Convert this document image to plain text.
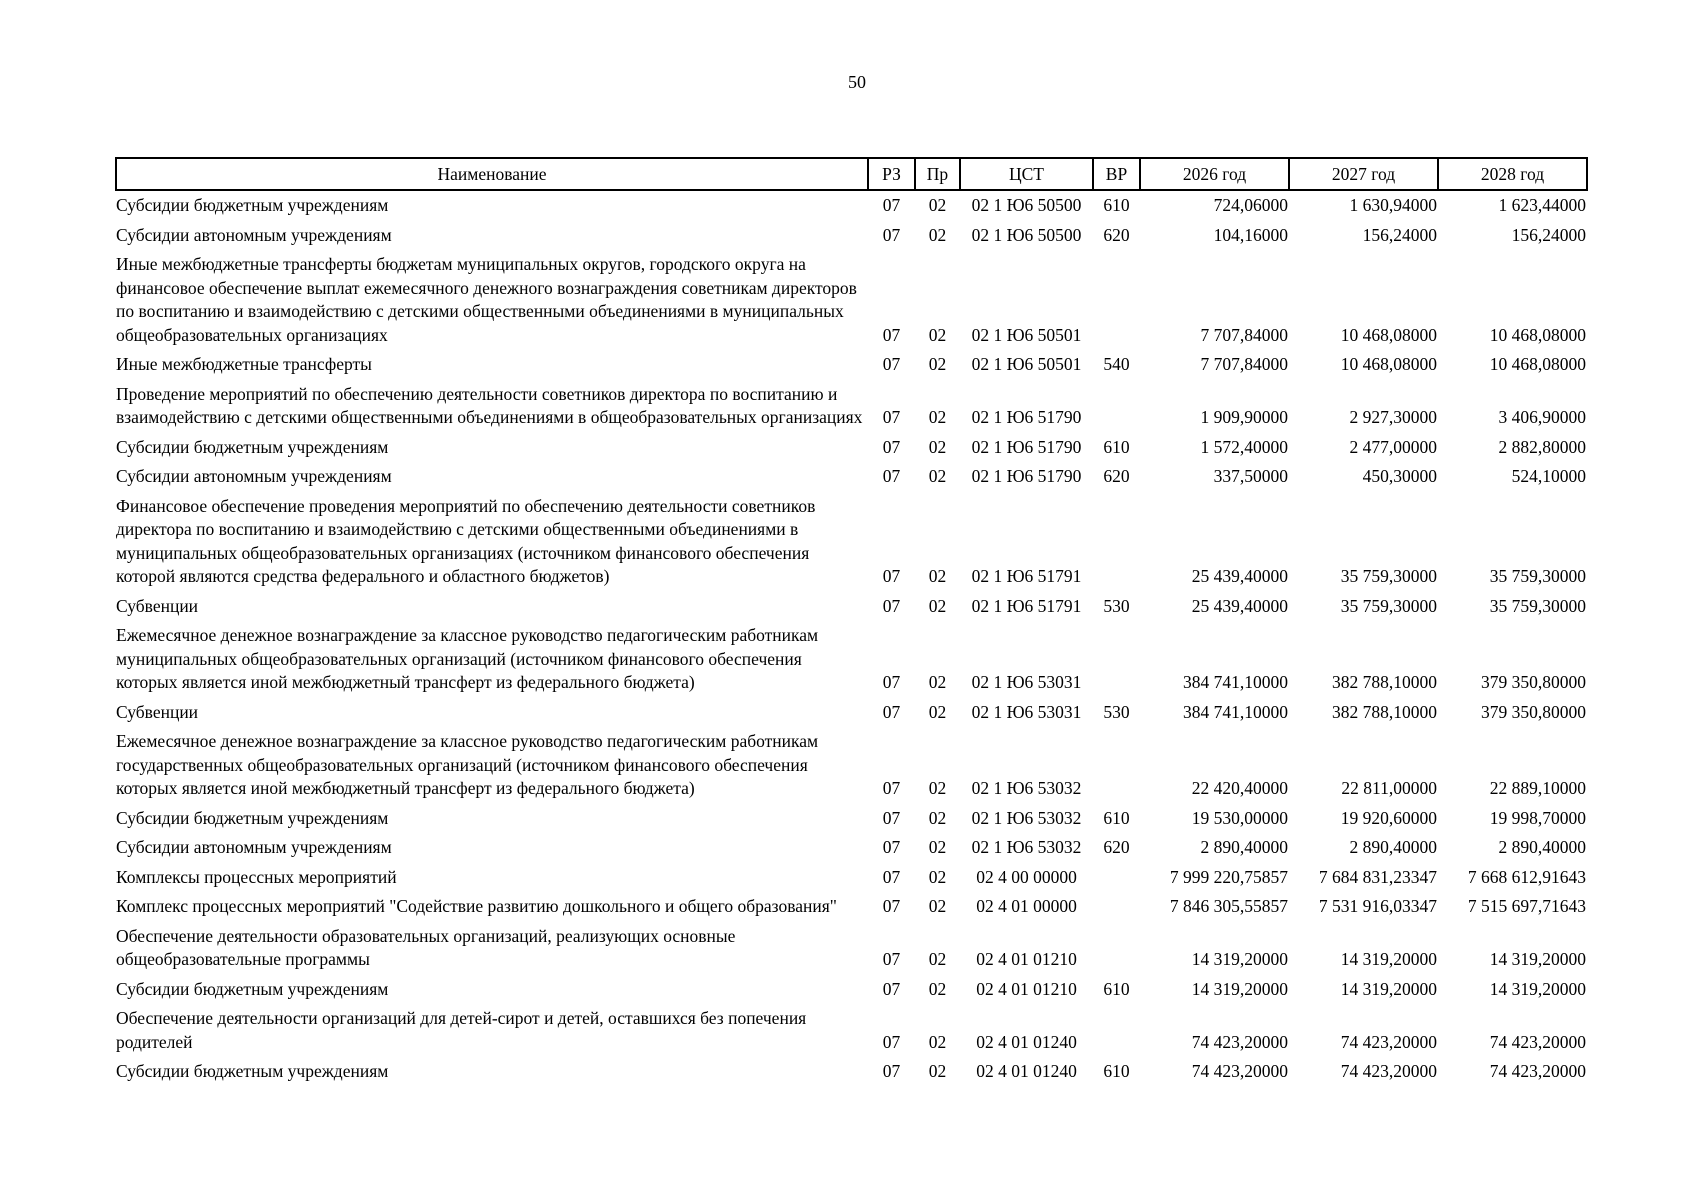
50
Наименование	РЗ	Пр	ЦСТ	ВР	2026 год	2027 год	2028 год
Субсидии бюджетным учреждениям	07	02	02 1 Ю6 50500	610	724,06000	1 630,94000	1 623,44000
Субсидии автономным учреждениям	07	02	02 1 Ю6 50500	620	104,16000	156,24000	156,24000
Иные межбюджетные трансферты бюджетам муниципальных округов, городского округа на финансовое обеспечение выплат ежемесячного денежного вознаграждения советникам директоров по воспитанию и взаимодействию с детскими общественными объединениями в муниципальных общеобразовательных организациях	07	02	02 1 Ю6 50501		7 707,84000	10 468,08000	10 468,08000
Иные межбюджетные трансферты	07	02	02 1 Ю6 50501	540	7 707,84000	10 468,08000	10 468,08000
Проведение мероприятий по обеспечению деятельности советников директора по воспитанию и взаимодействию с детскими общественными объединениями в общеобразовательных организациях	07	02	02 1 Ю6 51790		1 909,90000	2 927,30000	3 406,90000
Субсидии бюджетным учреждениям	07	02	02 1 Ю6 51790	610	1 572,40000	2 477,00000	2 882,80000
Субсидии автономным учреждениям	07	02	02 1 Ю6 51790	620	337,50000	450,30000	524,10000
Финансовое обеспечение проведения мероприятий по обеспечению деятельности советников директора по воспитанию и взаимодействию с детскими общественными объединениями в муниципальных общеобразовательных организациях (источником финансового обеспечения которой являются средства федерального и областного бюджетов)	07	02	02 1 Ю6 51791		25 439,40000	35 759,30000	35 759,30000
Субвенции	07	02	02 1 Ю6 51791	530	25 439,40000	35 759,30000	35 759,30000
Ежемесячное денежное вознаграждение за классное руководство педагогическим работникам муниципальных общеобразовательных организаций (источником финансового обеспечения которых является иной межбюджетный трансферт из федерального бюджета)	07	02	02 1 Ю6 53031		384 741,10000	382 788,10000	379 350,80000
Субвенции	07	02	02 1 Ю6 53031	530	384 741,10000	382 788,10000	379 350,80000
Ежемесячное денежное вознаграждение за классное руководство педагогическим работникам государственных общеобразовательных организаций (источником финансового обеспечения которых является иной межбюджетный трансферт из федерального бюджета)	07	02	02 1 Ю6 53032		22 420,40000	22 811,00000	22 889,10000
Субсидии бюджетным учреждениям	07	02	02 1 Ю6 53032	610	19 530,00000	19 920,60000	19 998,70000
Субсидии автономным учреждениям	07	02	02 1 Ю6 53032	620	2 890,40000	2 890,40000	2 890,40000
Комплексы процессных мероприятий	07	02	02 4 00 00000		7 999 220,75857	7 684 831,23347	7 668 612,91643
Комплекс процессных мероприятий "Содействие развитию дошкольного и общего образования"	07	02	02 4 01 00000		7 846 305,55857	7 531 916,03347	7 515 697,71643
Обеспечение деятельности образовательных организаций, реализующих основные общеобразовательные программы	07	02	02 4 01 01210		14 319,20000	14 319,20000	14 319,20000
Субсидии бюджетным учреждениям	07	02	02 4 01 01210	610	14 319,20000	14 319,20000	14 319,20000
Обеспечение деятельности организаций для детей-сирот и детей, оставшихся без попечения родителей	07	02	02 4 01 01240		74 423,20000	74 423,20000	74 423,20000
Субсидии бюджетным учреждениям	07	02	02 4 01 01240	610	74 423,20000	74 423,20000	74 423,20000
